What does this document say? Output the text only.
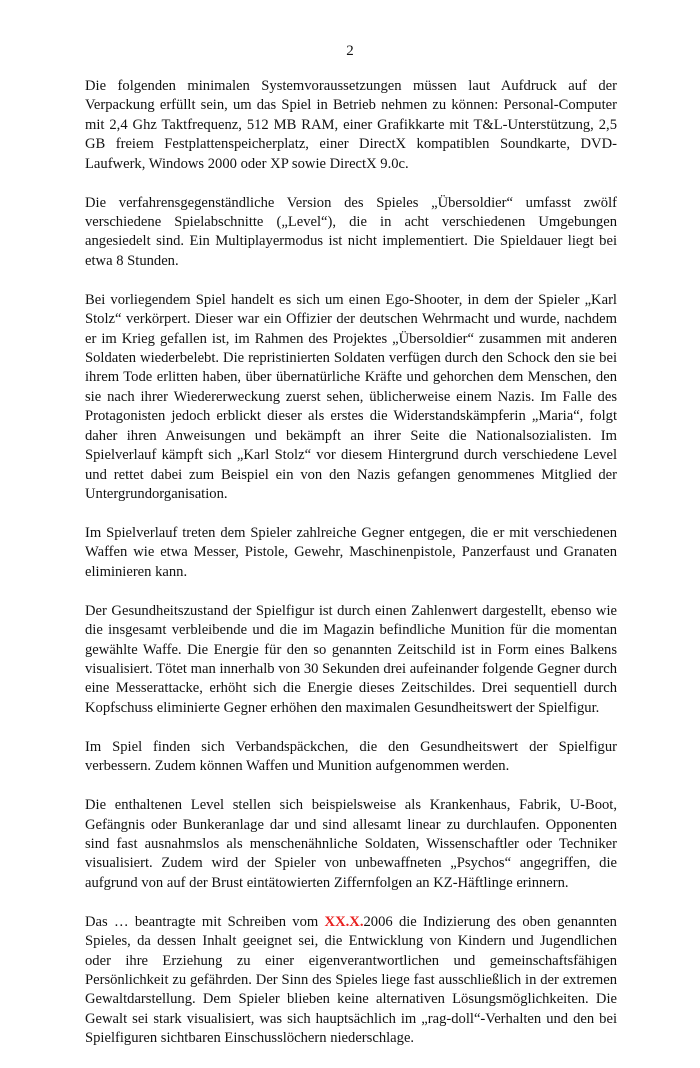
2

Die folgenden minimalen Systemvoraussetzungen müssen laut Aufdruck auf der Verpackung erfüllt sein, um das Spiel in Betrieb nehmen zu können: Personal-Computer mit 2,4 Ghz Taktfrequenz, 512 MB RAM, einer Grafikkarte mit T&L-Unterstützung, 2,5 GB freiem Festplattenspeicherplatz, einer DirectX kompatiblen Soundkarte, DVD-Laufwerk, Windows 2000 oder XP sowie DirectX 9.0c.

Die verfahrensgegenständliche Version des Spieles „Übersoldier“ umfasst zwölf verschiedene Spielabschnitte („Level“), die in acht verschiedenen Umgebungen angesiedelt sind. Ein Multiplayermodus ist nicht implementiert. Die Spieldauer liegt bei etwa 8 Stunden.

Bei vorliegendem Spiel handelt es sich um einen Ego-Shooter, in dem der Spieler „Karl Stolz“ verkörpert. Dieser war ein Offizier der deutschen Wehrmacht und wurde, nachdem er im Krieg gefallen ist, im Rahmen des Projektes „Übersoldier“ zusammen mit anderen Soldaten wiederbelebt. Die repristinierten Soldaten verfügen durch den Schock den sie bei ihrem Tode erlitten haben, über übernatürliche Kräfte und gehorchen dem Menschen, den sie nach ihrer Wiedererweckung zuerst sehen, üblicherweise einem Nazis. Im Falle des Protagonisten jedoch erblickt dieser als erstes die Widerstandskämpferin „Maria“, folgt daher ihren Anweisungen und bekämpft an ihrer Seite die Nationalsozialisten. Im Spielverlauf kämpft sich „Karl Stolz“ vor diesem Hintergrund durch verschiedene Level und rettet dabei zum Beispiel ein von den Nazis gefangen genommenes Mitglied der Untergrundorganisation.

Im Spielverlauf treten dem Spieler zahlreiche Gegner entgegen, die er mit verschiedenen Waffen wie etwa Messer, Pistole, Gewehr, Maschinenpistole, Panzerfaust und Granaten eliminieren kann.

Der Gesundheitszustand der Spielfigur ist durch einen Zahlenwert dargestellt, ebenso wie die insgesamt verbleibende und die im Magazin befindliche Munition für die momentan gewählte Waffe. Die Energie für den so genannten Zeitschild ist in Form eines Balkens visualisiert. Tötet man innerhalb von 30 Sekunden drei aufeinander folgende Gegner durch eine Messerattacke, erhöht sich die Energie dieses Zeitschildes. Drei sequentiell durch Kopfschuss eliminierte Gegner erhöhen den maximalen Gesundheitswert der Spielfigur.

Im Spiel finden sich Verbandspäckchen, die den Gesundheitswert der Spielfigur verbessern. Zudem können Waffen und Munition aufgenommen werden.

Die enthaltenen Level stellen sich beispielsweise als Krankenhaus, Fabrik, U-Boot, Gefängnis oder Bunkeranlage dar und sind allesamt linear zu durchlaufen. Opponenten sind fast ausnahmslos als menschenähnliche Soldaten, Wissenschaftler oder Techniker visualisiert. Zudem wird der Spieler von unbewaffneten „Psychos“ angegriffen, die aufgrund von auf der Brust eintätowierten Ziffernfolgen an KZ-Häftlinge erinnern.

Das … beantragte mit Schreiben vom XX.X.2006 die Indizierung des oben genannten Spieles, da dessen Inhalt geeignet sei, die Entwicklung von Kindern und Jugendlichen oder ihre Erziehung zu einer eigenverantwortlichen und gemeinschaftsfähigen Persönlichkeit zu gefährden. Der Sinn des Spieles liege fast ausschließlich in der extremen Gewaltdarstellung. Dem Spieler blieben keine alternativen Lösungsmöglichkeiten. Die Gewalt sei stark visualisiert, was sich hauptsächlich im „rag-doll“-Verhalten und den bei Spielfiguren sichtbaren Einschusslöchern niederschlage.
